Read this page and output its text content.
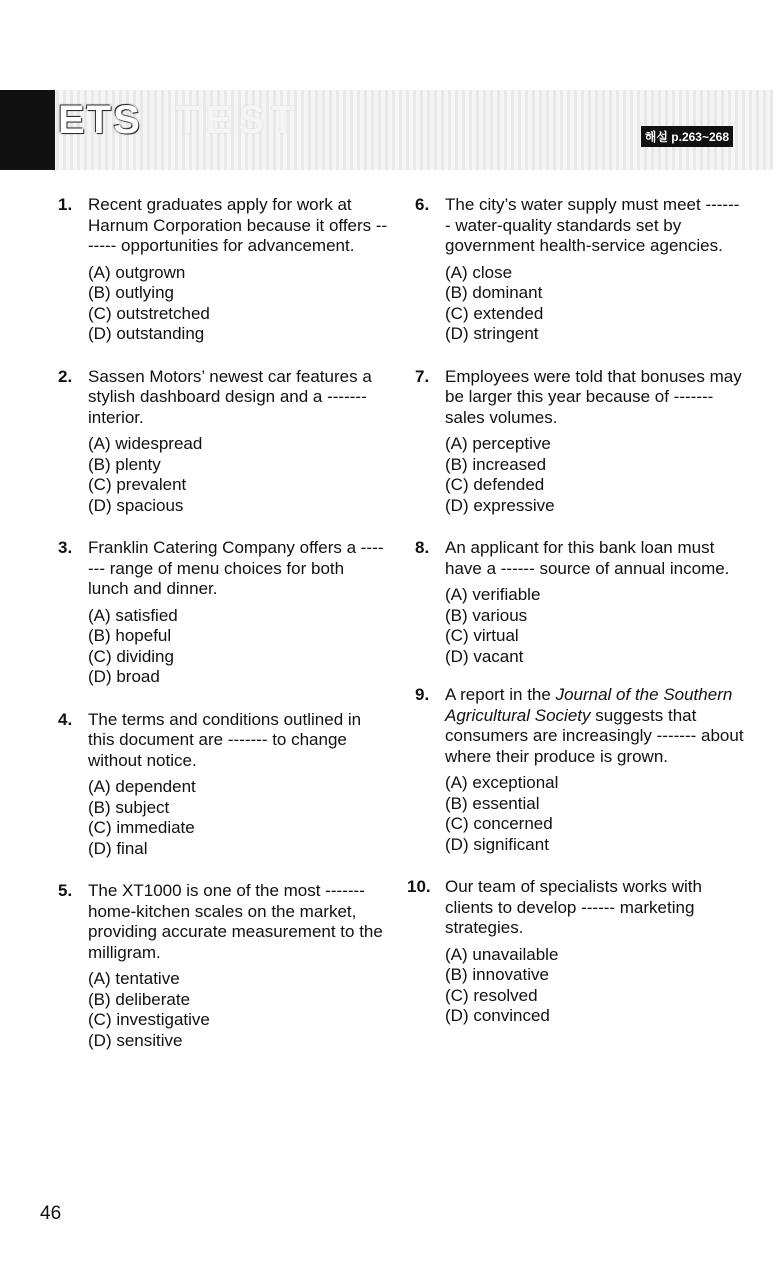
ETS TEST	해설 p.263~268
1. Recent graduates apply for work at Harnum Corporation because it offers ------- opportunities for advancement.

(A) outgrown

(B) outlying

(C) outstretched

(D) outstanding

2. Sassen Motors’ newest car features a stylish dashboard design and a ------- interior.

(A) widespread

(B) plenty

(C) prevalent

(D) spacious

3. Franklin Catering Company offers a ------- range of menu choices for both lunch and dinner.

(A) satisfied

(B) hopeful

(C) dividing

(D) broad

4. The terms and conditions outlined in this document are ------- to change without notice.

(A) dependent

(B) subject

(C) immediate

(D) final

5. The XT1000 is one of the most ------- home-kitchen scales on the market, providing accurate measurement to the milligram.

(A) tentative

(B) deliberate

(C) investigative

(D) sensitive

6. The city’s water supply must meet ------- water-quality standards set by government health-service agencies.

(A) close

(B) dominant

(C) extended

(D) stringent

7. Employees were told that bonuses may be larger this year because of ------- sales volumes.

(A) perceptive

(B) increased

(C) defended

(D) expressive

8. An applicant for this bank loan must have a ------ source of annual income.

(A) verifiable

(B) various

(C) virtual

(D) vacant

9. A report in the Journal of the Southern Agricultural Society suggests that consumers are increasingly ------- about where their produce is grown.

(A) exceptional

(B) essential

(C) concerned

(D) significant

10. Our team of specialists works with clients to develop ------ marketing strategies.

(A) unavailable

(B) innovative

(C) resolved

(D) convinced

46
